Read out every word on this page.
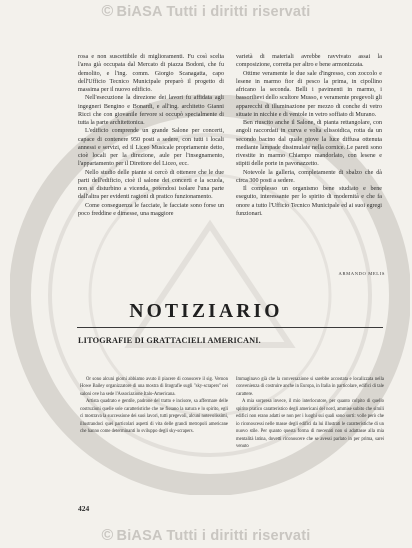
© BiASA Tutti i diritti riservati

rosa e non suscettibile di miglioramenti. Fu così scelta l'area già occupata dal Mercato di piazza Bodoni, che fu demolito, e l'ing. comm. Giorgio Scanagatta, capo dell'Ufficio Tecnico Municipale preparò il progetto di massima per il nuovo edificio.

Nell'esecuzione la direzione dei lavori fu affidata agli ingegneri Bengino e Bonardi, e all'ing. architetto Gianni Ricci che con giovanile fervore si occupò specialmente di tutta la parte architettonica.

L'edificio comprende un grande Salone per concerti, capace di contenere 950 posti a sedere, con tutti i locali annessi e servizi, ed il Liceo Musicale propriamente detto, cioè locali per la direzione, aule per l'insegnamento, l'appartamento per il Direttore del Liceo, ecc.

Nello studio delle piante si cercò di ottenere che le due parti dell'edificio, cioè il salone dei concerti e la scuola, non si disturbino a vicenda, potendosi isolare l'una parte dall'altra per evidenti ragioni di pratico funzionamento.

Come conseguenza le facciate, le facciate sono forse un poco freddine e dimesse, una maggiore

varietà di materiali avrebbe ravvivato assai la composizione, corretta per altro e bene armonizzata.

Ottime veramente le due sale d'ingresso, con zoccolo e lesene in marmo fior di pesco la prima, in cipollino africano la seconda. Belli i pavimenti in marmo, i bassorilievi dello scultore Musso, e veramente pregevoli gli apparecchi di illuminazione per mezzo di conche di vetro situate in nicchie e di ventole in vetro soffiato di Murano.

Ben riuscito anche il Salone, di pianta rettangolare, con angoli raccordati in curva e volta elissoidica, rotta da un secondo bacino dal quale piove la luce diffusa ottenuta mediante lampade dissimulate nella cornice. Le pareti sono rivestite in marmo Chiampo mandorlato, con lesene e stipiti delle porte in pavonazzetto.

Notevole la galleria, completamente di sbalzo che dà circa 300 posti a sedere.

Il complesso un organismo bene studiato e bene eseguito, interessante per lo spirito di modernità e che fa onore a tutto l'Ufficio Tecnico Municipale ed ai suoi egregi funzionari.

ARMANDO MELIS
NOTIZIARIO
LITOGRAFIE DI GRATTACIELI AMERICANI.

Or sono alcuni giorni abbiamo avuto il piacere di conoscere il sig. Vernon Howe Bailey organizzatore di una mostra di litografie sugli "sky-scrapers" nei saloni ove ha sede l'Associazione Italo-Americana.

Artista quadrato e gentile, padrone del tratto e incisore, sa affermare delle costruzioni quelle sole caratteristiche che ne fissano la natura e lo spirito, egli ci mostrava la successione dei suoi lavori, tutti pregevoli, alcuni notevolissimi, illustrandoci quei particolari aspetti di vita delle grandi metropoli americane che hanno come determinanti lo sviluppo degli sky-scrapers.

Immaginavo già che la conversazione si sarebbe accostata e localizzata nella convenienza di costruire anche in Europa, in Italia in particolare, edifici di tale carattere.

A mia sorpresa invece, il mio interlocutore, per quanto colpito di quello spirito pratico caratteristico degli americani del nord, ammise subito che simili edifici non erano adatti se non per i luoghi sui quali sono sorti: volle però che io riconoscessi nelle masse degli edifici da lui illustrati le caratteristiche di un nuovo stile. Per quanto questa forma di mecenati non si adattasse alla mia mentalità latina, dovetti riconoscere che se avessi parlato in per prima, sarei venuto

424
© BiASA Tutti i diritti riservati
